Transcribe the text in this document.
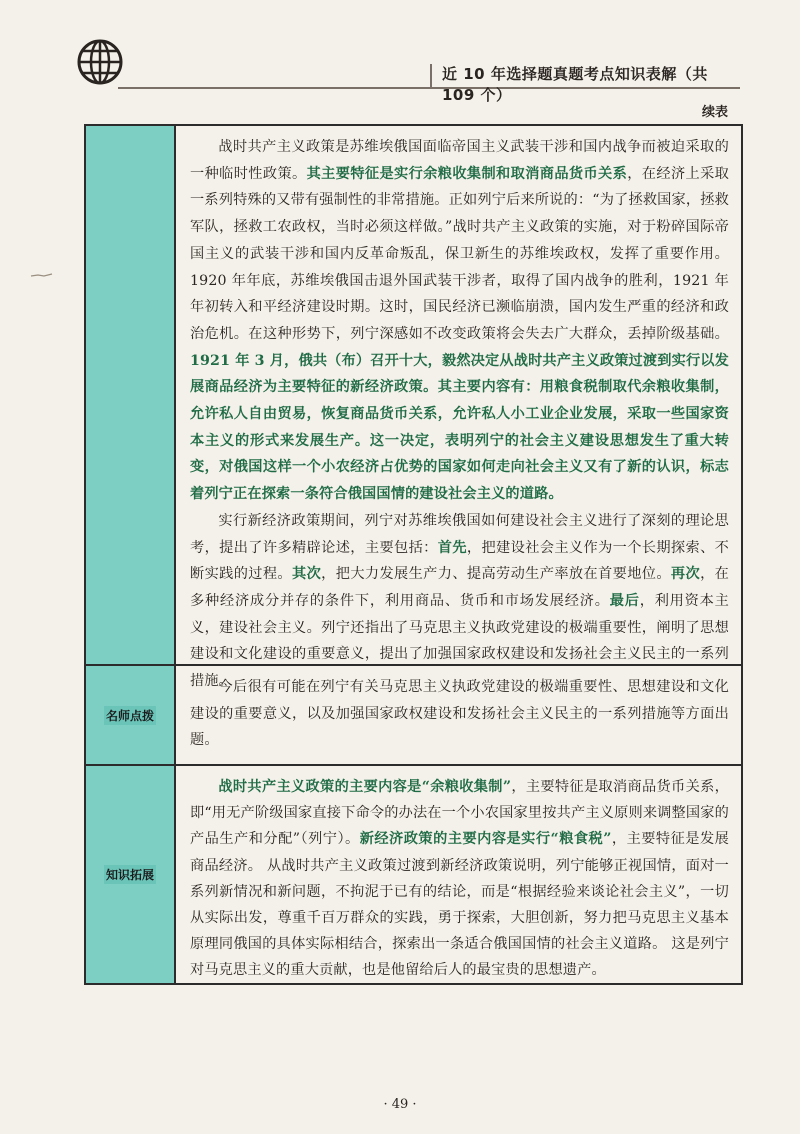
近 10 年选择题真题考点知识表解（共 109 个）
续表

战时共产主义政策是苏维埃俄国面临帝国主义武装干涉和国内战争而被迫采取的一种临时性政策。其主要特征是实行余粮收集制和取消商品货币关系，在经济上采取一系列特殊的又带有强制性的非常措施。正如列宁后来所说的：“为了拯救国家，拯救军队，拯救工农政权，当时必须这样做。”战时共产主义政策的实施，对于粉碎国际帝国主义的武装干涉和国内反革命叛乱，保卫新生的苏维埃政权，发挥了重要作用。1920 年年底，苏维埃俄国击退外国武装干涉者，取得了国内战争的胜利，1921 年年初转入和平经济建设时期。这时，国民经济已濒临崩溃，国内发生严重的经济和政治危机。在这种形势下，列宁深感如不改变政策将会失去广大群众，丢掉阶级基础。1921 年 3 月，俄共（布）召开十大，毅然决定从战时共产主义政策过渡到实行以发展商品经济为主要特征的新经济政策。其主要内容有：用粮食税制取代余粮收集制，允许私人自由贸易，恢复商品货币关系，允许私人小工业企业发展，采取一些国家资本主义的形式来发展生产。这一决定，表明列宁的社会主义建设思想发生了重大转变，对俄国这样一个小农经济占优势的国家如何走向社会主义又有了新的认识，标志着列宁正在探索一条符合俄国国情的建设社会主义的道路。

实行新经济政策期间，列宁对苏维埃俄国如何建设社会主义进行了深刻的理论思考，提出了许多精辟论述，主要包括：首先，把建设社会主义作为一个长期探索、不断实践的过程。其次，把大力发展生产力、提高劳动生产率放在首要地位。再次，在多种经济成分并存的条件下，利用商品、货币和市场发展经济。最后，利用资本主义，建设社会主义。列宁还指出了马克思主义执政党建设的极端重要性，阐明了思想建设和文化建设的重要意义，提出了加强国家政权建设和发扬社会主义民主的一系列措施。

名师点拨

今后很有可能在列宁有关马克思主义执政党建设的极端重要性、思想建设和文化建设的重要意义，以及加强国家政权建设和发扬社会主义民主的一系列措施等方面出题。

知识拓展

战时共产主义政策的主要内容是“余粮收集制”，主要特征是取消商品货币关系，即“用无产阶级国家直接下命令的办法在一个小农国家里按共产主义原则来调整国家的产品生产和分配”（列宁）。新经济政策的主要内容是实行“粮食税”，主要特征是发展商品经济。 从战时共产主义政策过渡到新经济政策说明，列宁能够正视国情，面对一系列新情况和新问题，不拘泥于已有的结论，而是“根据经验来谈论社会主义”，一切从实际出发，尊重千百万群众的实践，勇于探索，大胆创新，努力把马克思主义基本原理同俄国的具体实际相结合，探索出一条适合俄国国情的社会主义道路。 这是列宁对马克思主义的重大贡献，也是他留给后人的最宝贵的思想遗产。

· 49 ·
